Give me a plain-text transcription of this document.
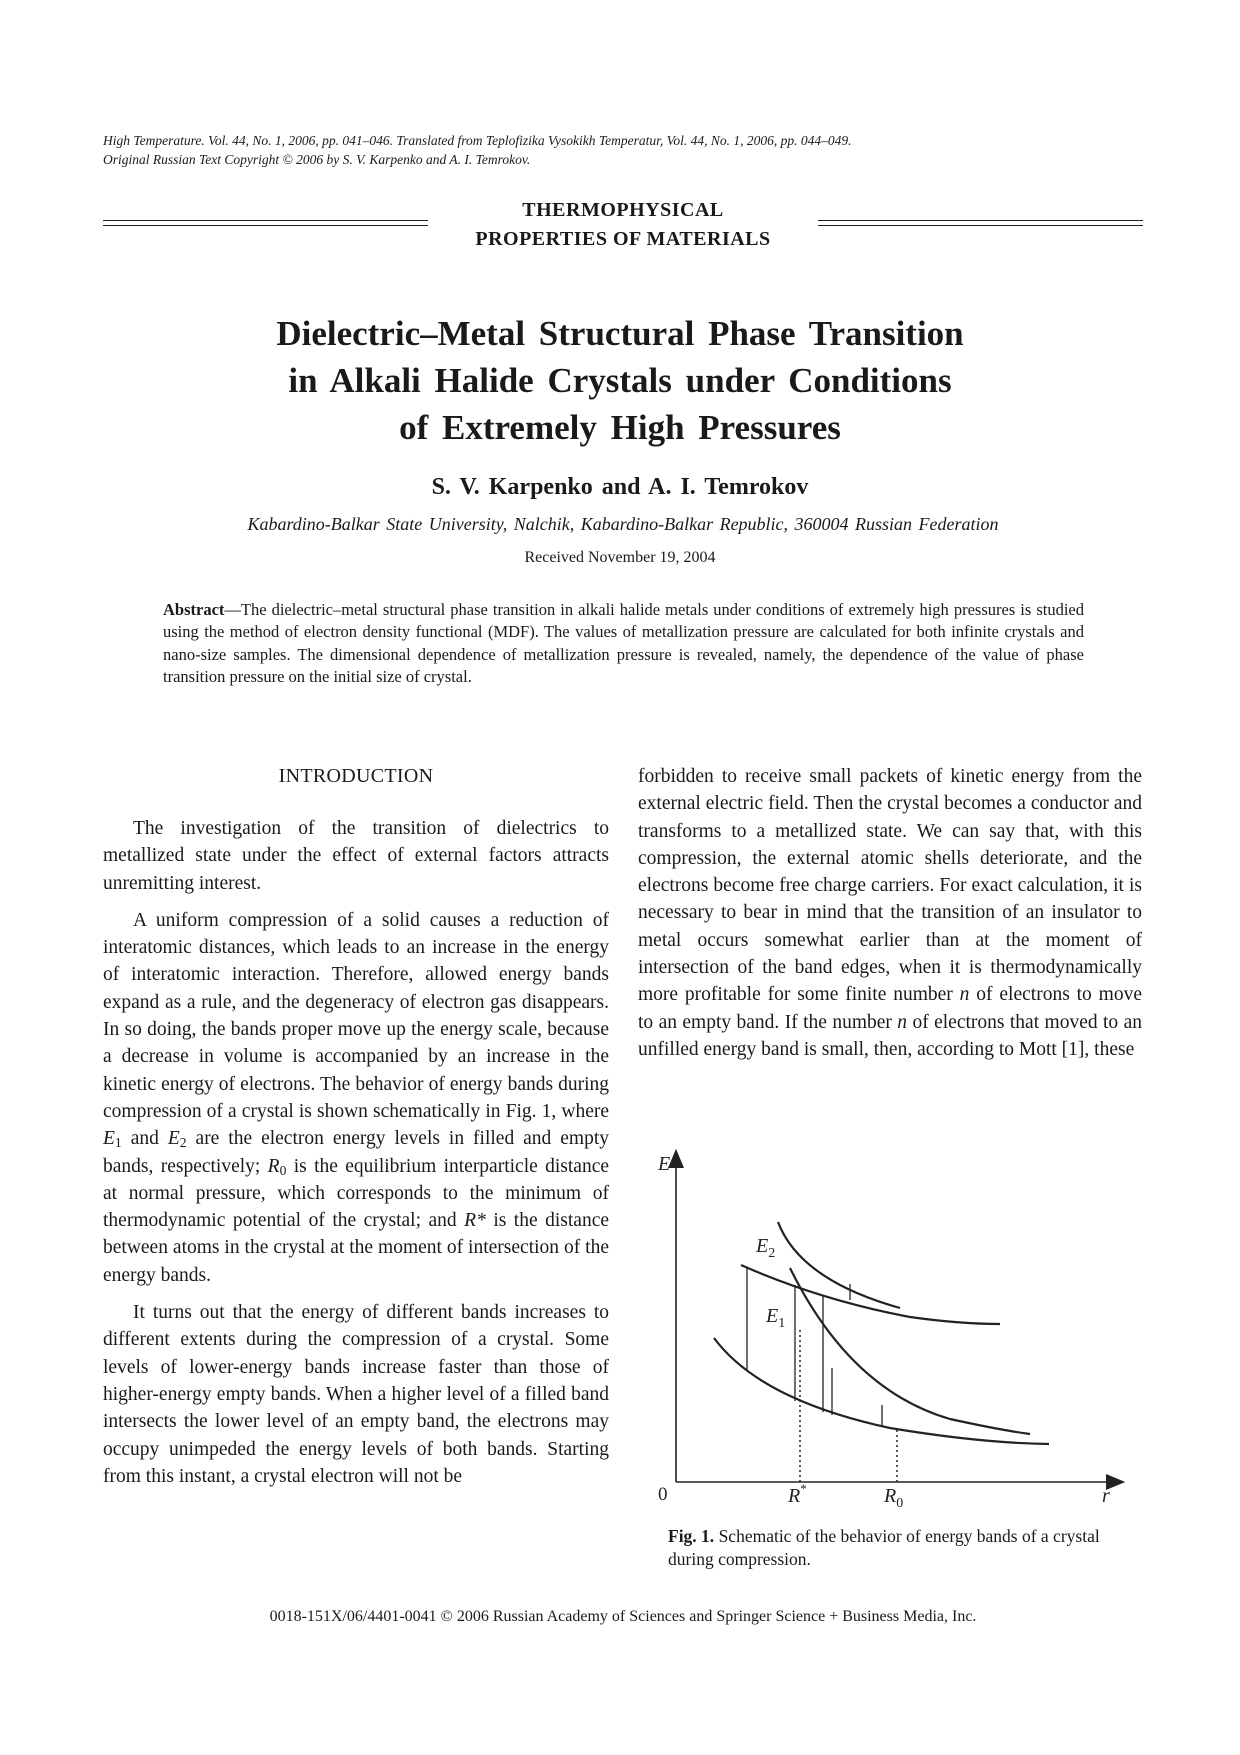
High Temperature. Vol. 44, No. 1, 2006, pp. 041–046. Translated from Teplofizika Vysokikh Temperatur, Vol. 44, No. 1, 2006, pp. 044–049.
Original Russian Text Copyright © 2006 by S. V. Karpenko and A. I. Temrokov.
THERMOPHYSICAL
PROPERTIES OF MATERIALS
Dielectric–Metal Structural Phase Transition
in Alkali Halide Crystals under Conditions
of Extremely High Pressures
S. V. Karpenko and A. I. Temrokov
Kabardino-Balkar State University, Nalchik, Kabardino-Balkar Republic, 360004 Russian Federation
Received November 19, 2004
Abstract—The dielectric–metal structural phase transition in alkali halide metals under conditions of extremely high pressures is studied using the method of electron density functional (MDF). The values of metallization pressure are calculated for both infinite crystals and nano-size samples. The dimensional dependence of metallization pressure is revealed, namely, the dependence of the value of phase transition pressure on the initial size of crystal.
INTRODUCTION

The investigation of the transition of dielectrics to metallized state under the effect of external factors attracts unremitting interest.

A uniform compression of a solid causes a reduction of interatomic distances, which leads to an increase in the energy of interatomic interaction. Therefore, allowed energy bands expand as a rule, and the degeneracy of electron gas disappears. In so doing, the bands proper move up the energy scale, because a decrease in volume is accompanied by an increase in the kinetic energy of electrons. The behavior of energy bands during compression of a crystal is shown schematically in Fig. 1, where $E_1$ and $E_2$ are the electron energy levels in filled and empty bands, respectively; $R_0$ is the equilibrium interparticle distance at normal pressure, which corresponds to the minimum of thermodynamic potential of the crystal; and R* is the distance between atoms in the crystal at the moment of intersection of the energy bands.

It turns out that the energy of different bands increases to different extents during the compression of a crystal. Some levels of lower-energy bands increase faster than those of higher-energy empty bands. When a higher level of a filled band intersects the lower level of an empty band, the electrons may occupy unimpeded the energy levels of both bands. Starting from this instant, a crystal electron will not be

forbidden to receive small packets of kinetic energy from the external electric field. Then the crystal becomes a conductor and transforms to a metallized state. We can say that, with this compression, the external atomic shells deteriorate, and the electrons become free charge carriers. For exact calculation, it is necessary to bear in mind that the transition of an insulator to metal occurs somewhat earlier than at the moment of intersection of the band edges, when it is thermodynamically more profitable for some finite number n of electrons to move to an empty band. If the number n of electrons that moved to an unfilled energy band is small, then, according to Mott [1], these

E
$E_2$
$E_1$
0	R*	$R_0$	r
Fig. 1. Schematic of the behavior of energy bands of a crystal during compression.
0018-151X/06/4401-0041 © 2006 Russian Academy of Sciences and Springer Science + Business Media, Inc.
